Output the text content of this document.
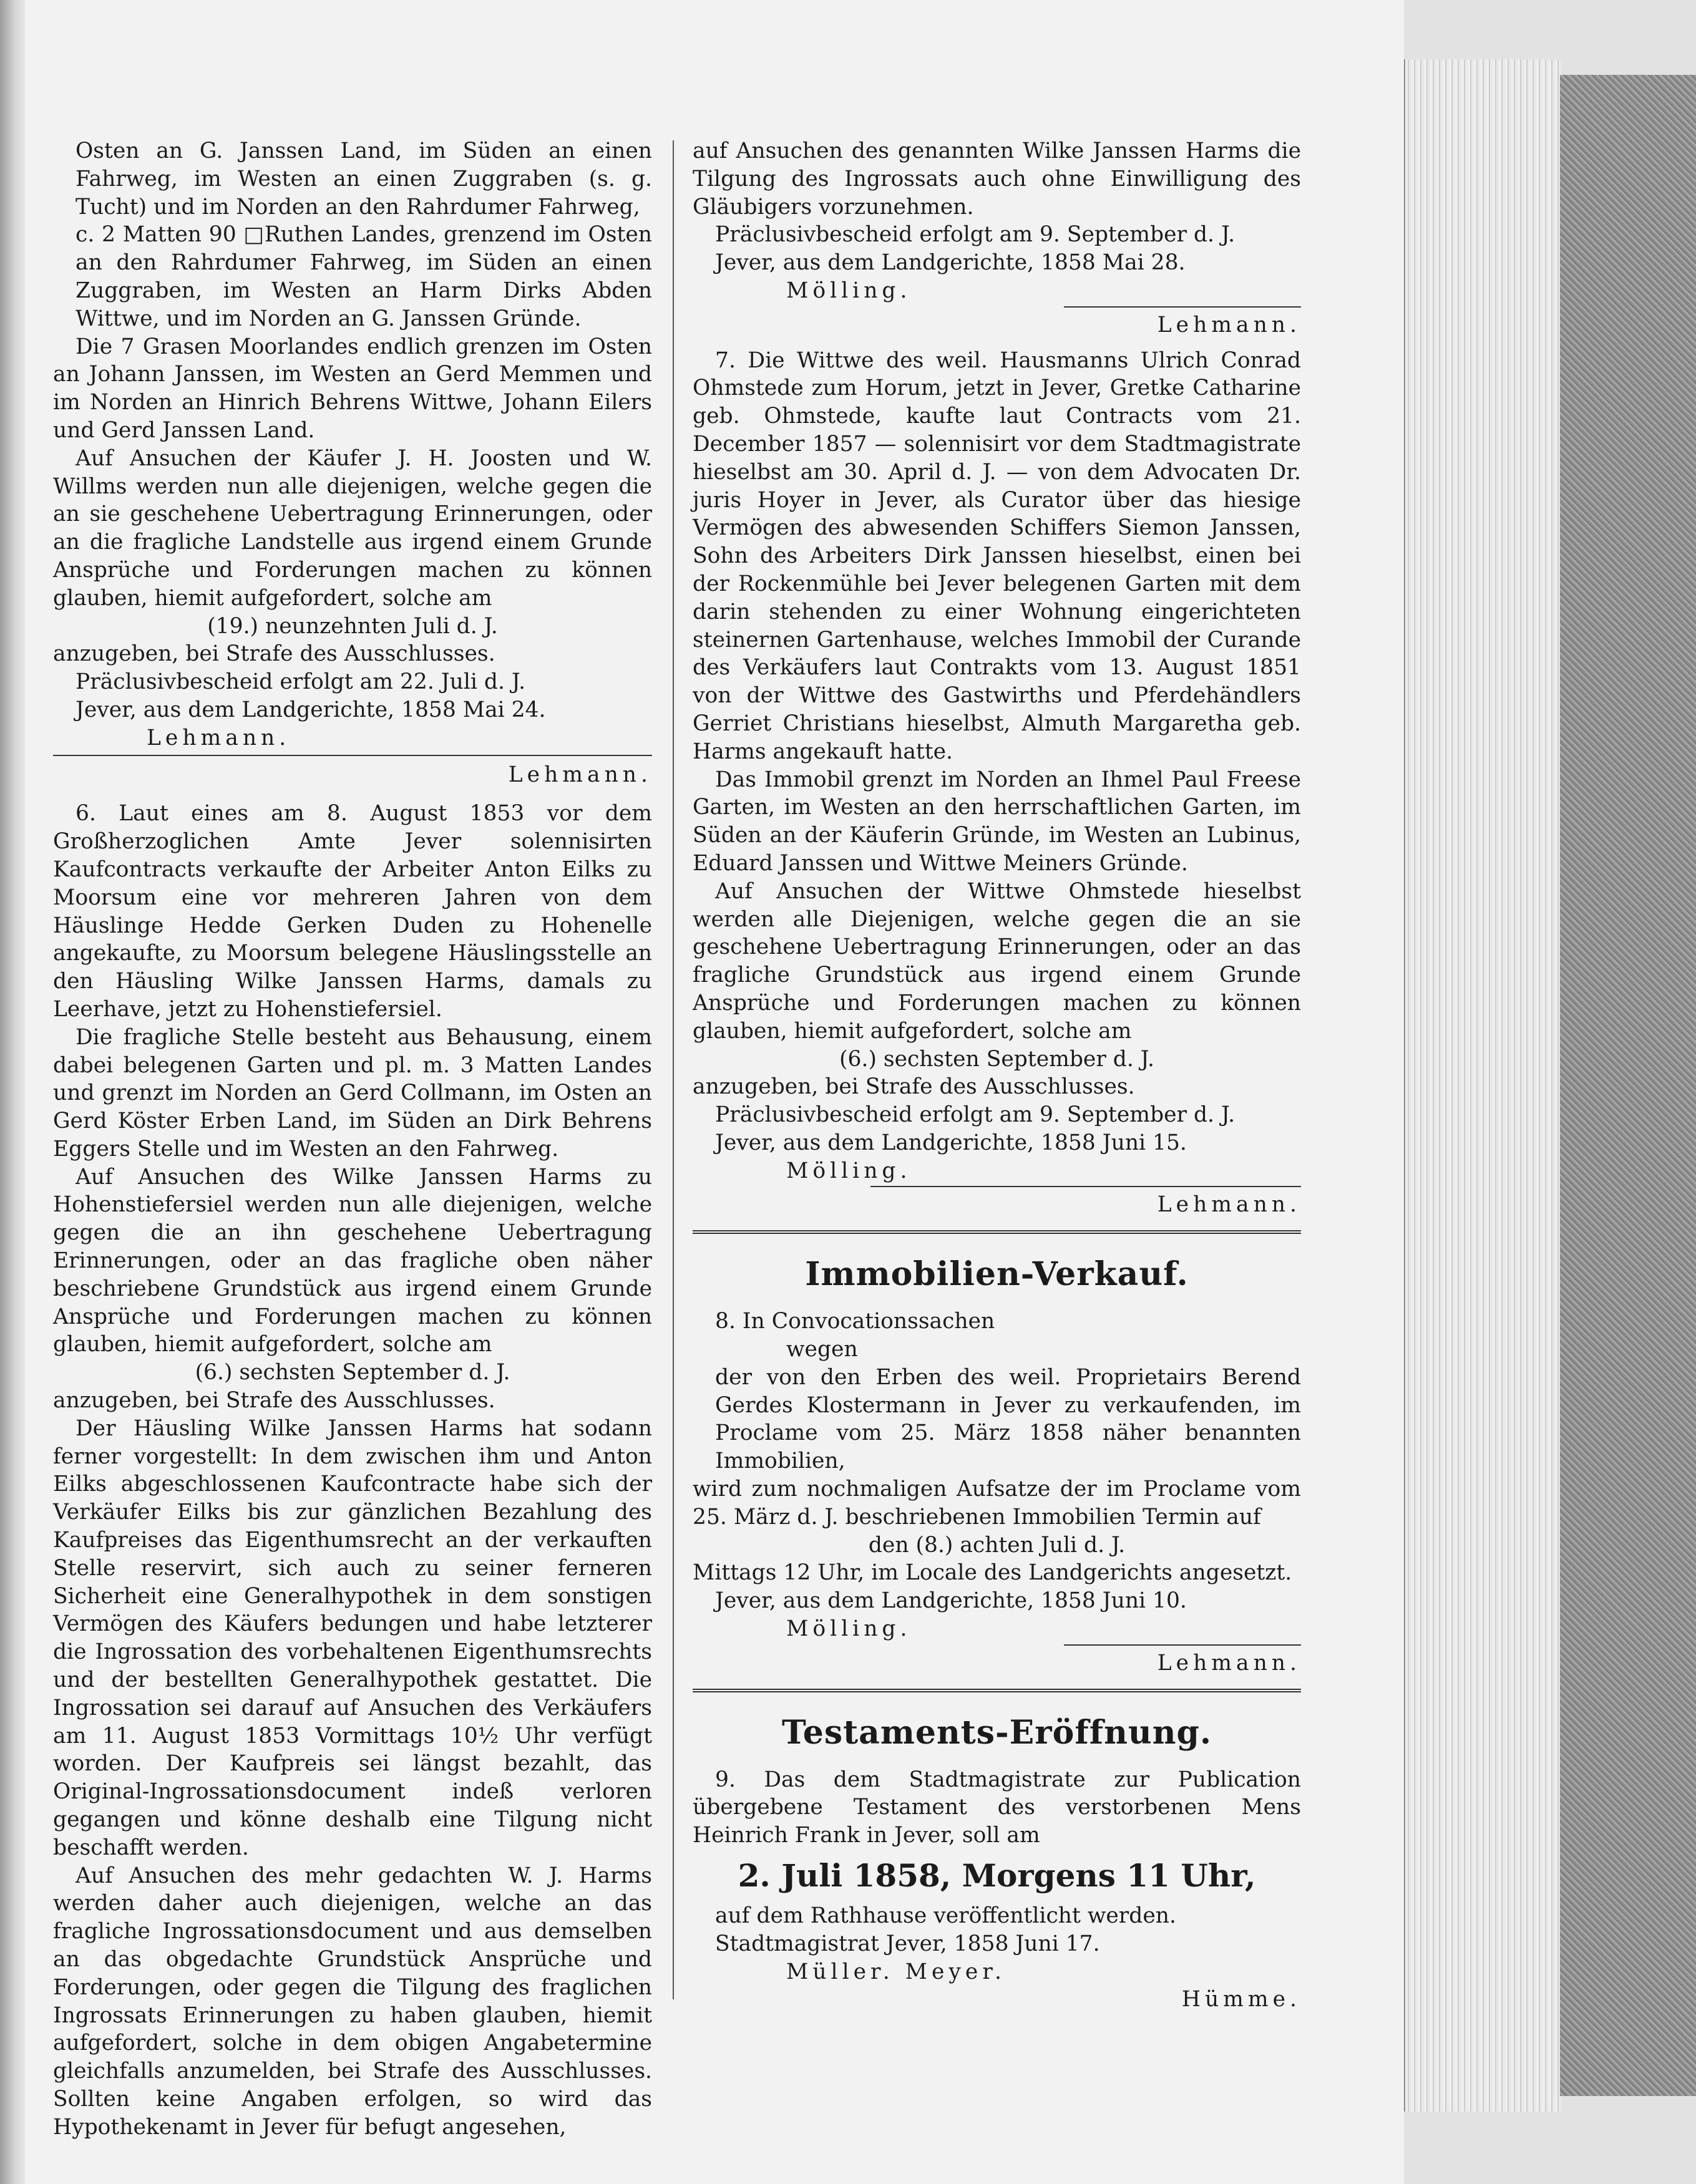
Osten an G. Janssen Land, im Süden an einen Fahrweg, im Westen an einen Zuggraben (s. g. Tucht) und im Norden an den Rahrdumer Fahrweg,

c. 2 Matten 90 □Ruthen Landes, grenzend im Osten an den Rahrdumer Fahrweg, im Süden an einen Zuggraben, im Westen an Harm Dirks Abden Wittwe, und im Norden an G. Janssen Gründe.

Die 7 Grasen Moorlandes endlich grenzen im Osten an Johann Janssen, im Westen an Gerd Memmen und im Norden an Hinrich Behrens Wittwe, Johann Eilers und Gerd Janssen Land.

Auf Ansuchen der Käufer J. H. Joosten und W. Willms werden nun alle diejenigen, welche gegen die an sie geschehene Uebertragung Erinnerungen, oder an die fragliche Landstelle aus irgend einem Grunde Ansprüche und Forderungen machen zu können glauben, hiemit aufgefordert, solche am

(19.) neunzehnten Juli d. J.

anzugeben, bei Strafe des Ausschlusses.

Präclusivbescheid erfolgt am 22. Juli d. J.

Jever, aus dem Landgerichte, 1858 Mai 24.

Lehmann.

Lehmann.

6. Laut eines am 8. August 1853 vor dem Großherzoglichen Amte Jever solennisirten Kaufcontracts verkaufte der Arbeiter Anton Eilks zu Moorsum eine vor mehreren Jahren von dem Häuslinge Hedde Gerken Duden zu Hohenelle angekaufte, zu Moorsum belegene Häuslingsstelle an den Häusling Wilke Janssen Harms, damals zu Leerhave, jetzt zu Hohenstiefersiel.

Die fragliche Stelle besteht aus Behausung, einem dabei belegenen Garten und pl. m. 3 Matten Landes und grenzt im Norden an Gerd Collmann, im Osten an Gerd Köster Erben Land, im Süden an Dirk Behrens Eggers Stelle und im Westen an den Fahrweg.

Auf Ansuchen des Wilke Janssen Harms zu Hohenstiefersiel werden nun alle diejenigen, welche gegen die an ihn geschehene Uebertragung Erinnerungen, oder an das fragliche oben näher beschriebene Grundstück aus irgend einem Grunde Ansprüche und Forderungen machen zu können glauben, hiemit aufgefordert, solche am

(6.) sechsten September d. J.

anzugeben, bei Strafe des Ausschlusses.

Der Häusling Wilke Janssen Harms hat sodann ferner vorgestellt: In dem zwischen ihm und Anton Eilks abgeschlossenen Kaufcontracte habe sich der Verkäufer Eilks bis zur gänzlichen Bezahlung des Kaufpreises das Eigenthumsrecht an der verkauften Stelle reservirt, sich auch zu seiner ferneren Sicherheit eine Generalhypothek in dem sonstigen Vermögen des Käufers bedungen und habe letzterer die Ingrossation des vorbehaltenen Eigenthumsrechts und der bestellten Generalhypothek gestattet. Die Ingrossation sei darauf auf Ansuchen des Verkäufers am 11. August 1853 Vormittags 10½ Uhr verfügt worden. Der Kaufpreis sei längst bezahlt, das Original-Ingrossationsdocument indeß verloren gegangen und könne deshalb eine Tilgung nicht beschafft werden.

Auf Ansuchen des mehr gedachten W. J. Harms werden daher auch diejenigen, welche an das fragliche Ingrossationsdocument und aus demselben an das obgedachte Grundstück Ansprüche und Forderungen, oder gegen die Tilgung des fraglichen Ingrossats Erinnerungen zu haben glauben, hiemit aufgefordert, solche in dem obigen Angabetermine gleichfalls anzumelden, bei Strafe des Ausschlusses. Sollten keine Angaben erfolgen, so wird das Hypothekenamt in Jever für befugt angesehen,

auf Ansuchen des genannten Wilke Janssen Harms die Tilgung des Ingrossats auch ohne Einwilligung des Gläubigers vorzunehmen.

Präclusivbescheid erfolgt am 9. September d. J.

Jever, aus dem Landgerichte, 1858 Mai 28.

Mölling.

Lehmann.

7. Die Wittwe des weil. Hausmanns Ulrich Conrad Ohmstede zum Horum, jetzt in Jever, Gretke Catharine geb. Ohmstede, kaufte laut Contracts vom 21. December 1857 — solennisirt vor dem Stadtmagistrate hieselbst am 30. April d. J. — von dem Advocaten Dr. juris Hoyer in Jever, als Curator über das hiesige Vermögen des abwesenden Schiffers Siemon Janssen, Sohn des Arbeiters Dirk Janssen hieselbst, einen bei der Rockenmühle bei Jever belegenen Garten mit dem darin stehenden zu einer Wohnung eingerichteten steinernen Gartenhause, welches Immobil der Curande des Verkäufers laut Contrakts vom 13. August 1851 von der Wittwe des Gastwirths und Pferdehändlers Gerriet Christians hieselbst, Almuth Margaretha geb. Harms angekauft hatte.

Das Immobil grenzt im Norden an Ihmel Paul Freese Garten, im Westen an den herrschaftlichen Garten, im Süden an der Käuferin Gründe, im Westen an Lubinus, Eduard Janssen und Wittwe Meiners Gründe.

Auf Ansuchen der Wittwe Ohmstede hieselbst werden alle Diejenigen, welche gegen die an sie geschehene Uebertragung Erinnerungen, oder an das fragliche Grundstück aus irgend einem Grunde Ansprüche und Forderungen machen zu können glauben, hiemit aufgefordert, solche am

(6.) sechsten September d. J.

anzugeben, bei Strafe des Ausschlusses.

Präclusivbescheid erfolgt am 9. September d. J.

Jever, aus dem Landgerichte, 1858 Juni 15.

Mölling.

Lehmann.

Immobilien-Verkauf.

8. In Convocationssachen

wegen

der von den Erben des weil. Proprietairs Berend Gerdes Klostermann in Jever zu verkaufenden, im Proclame vom 25. März 1858 näher benannten Immobilien,

wird zum nochmaligen Aufsatze der im Proclame vom 25. März d. J. beschriebenen Immobilien Termin auf

den (8.) achten Juli d. J.

Mittags 12 Uhr, im Locale des Landgerichts angesetzt.

Jever, aus dem Landgerichte, 1858 Juni 10.

Mölling.

Lehmann.

Testaments-Eröffnung.

9. Das dem Stadtmagistrate zur Publication übergebene Testament des verstorbenen Mens Heinrich Frank in Jever, soll am

2. Juli 1858, Morgens 11 Uhr,

auf dem Rathhause veröffentlicht werden.

Stadtmagistrat Jever, 1858 Juni 17.

Müller. Meyer.

Hümme.
